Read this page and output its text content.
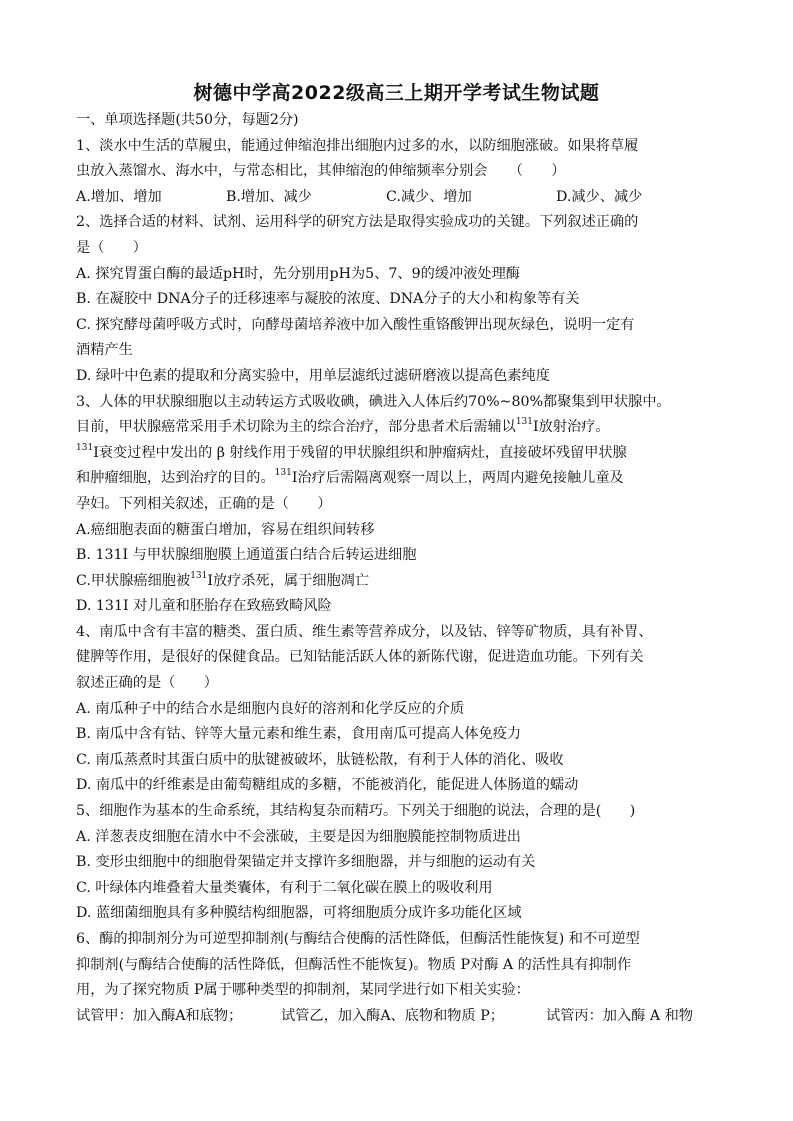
树德中学高2022级高三上期开学考试生物试题
一、单项选择题(共50分，每题2分)
1、淡水中生活的草履虫，能通过伸缩泡排出细胞内过多的水，以防细胞涨破。如果将草履
虫放入蒸馏水、海水中，与常态相比，其伸缩泡的伸缩频率分别会　　（　　）
A.增加、增加	B.增加、减少	C.减少、增加	D.减少、减少
2、选择合适的材料、试剂、运用科学的研究方法是取得实验成功的关键。下列叙述正确的
是（　　）
A. 探究胃蛋白酶的最适pH时，先分别用pH为5、7、9的缓冲液处理酶
B. 在凝胶中 DNA分子的迁移速率与凝胶的浓度、DNA分子的大小和构象等有关
C. 探究酵母菌呼吸方式时，向酵母菌培养液中加入酸性重铬酸钾出现灰绿色，说明一定有
酒精产生
D. 绿叶中色素的提取和分离实验中，用单层滤纸过滤研磨液以提高色素纯度
3、人体的甲状腺细胞以主动转运方式吸收碘，碘进入人体后约70%~80%都聚集到甲状腺中。
目前，甲状腺癌常采用手术切除为主的综合治疗，部分患者术后需辅以$^{131}$I放射治疗。
$^{131}$I衰变过程中发出的 β 射线作用于残留的甲状腺组织和肿瘤病灶，直接破坏残留甲状腺
和肿瘤细胞，达到治疗的目的。$^{131}$I治疗后需隔离观察一周以上，两周内避免接触儿童及
孕妇。下列相关叙述，正确的是（　　）
A.癌细胞表面的糖蛋白增加，容易在组织间转移
B. 131I 与甲状腺细胞膜上通道蛋白结合后转运进细胞
C.甲状腺癌细胞被$^{131}$I放疗杀死，属于细胞凋亡
D. 131I 对儿童和胚胎存在致癌致畸风险
4、南瓜中含有丰富的糖类、蛋白质、维生素等营养成分，以及钴、锌等矿物质，具有补胃、
健脾等作用，是很好的保健食品。已知钴能活跃人体的新陈代谢，促进造血功能。下列有关
叙述正确的是（　　）
A. 南瓜种子中的结合水是细胞内良好的溶剂和化学反应的介质
B. 南瓜中含有钴、锌等大量元素和维生素，食用南瓜可提高人体免疫力
C. 南瓜蒸煮时其蛋白质中的肽键被破坏，肽链松散，有利于人体的消化、吸收
D. 南瓜中的纤维素是由葡萄糖组成的多糖，不能被消化，能促进人体肠道的蠕动
5、细胞作为基本的生命系统，其结构复杂而精巧。下列关于细胞的说法，合理的是(　　)
A. 洋葱表皮细胞在清水中不会涨破，主要是因为细胞膜能控制物质进出
B. 变形虫细胞中的细胞骨架锚定并支撑许多细胞器，并与细胞的运动有关
C. 叶绿体内堆叠着大量类囊体，有利于二氧化碳在膜上的吸收利用
D. 蓝细菌细胞具有多种膜结构细胞器，可将细胞质分成许多功能化区域
6、酶的抑制剂分为可逆型抑制剂(与酶结合使酶的活性降低，但酶活性能恢复) 和不可逆型
抑制剂(与酶结合使酶的活性降低，但酶活性不能恢复)。物质 P对酶 A 的活性具有抑制作
用，为了探究物质 P属于哪种类型的抑制剂，某同学进行如下相关实验：
试管甲：加入酶A和底物；	试管乙，加入酶A、底物和物质 P；	试管丙：加入酶 A 和物
